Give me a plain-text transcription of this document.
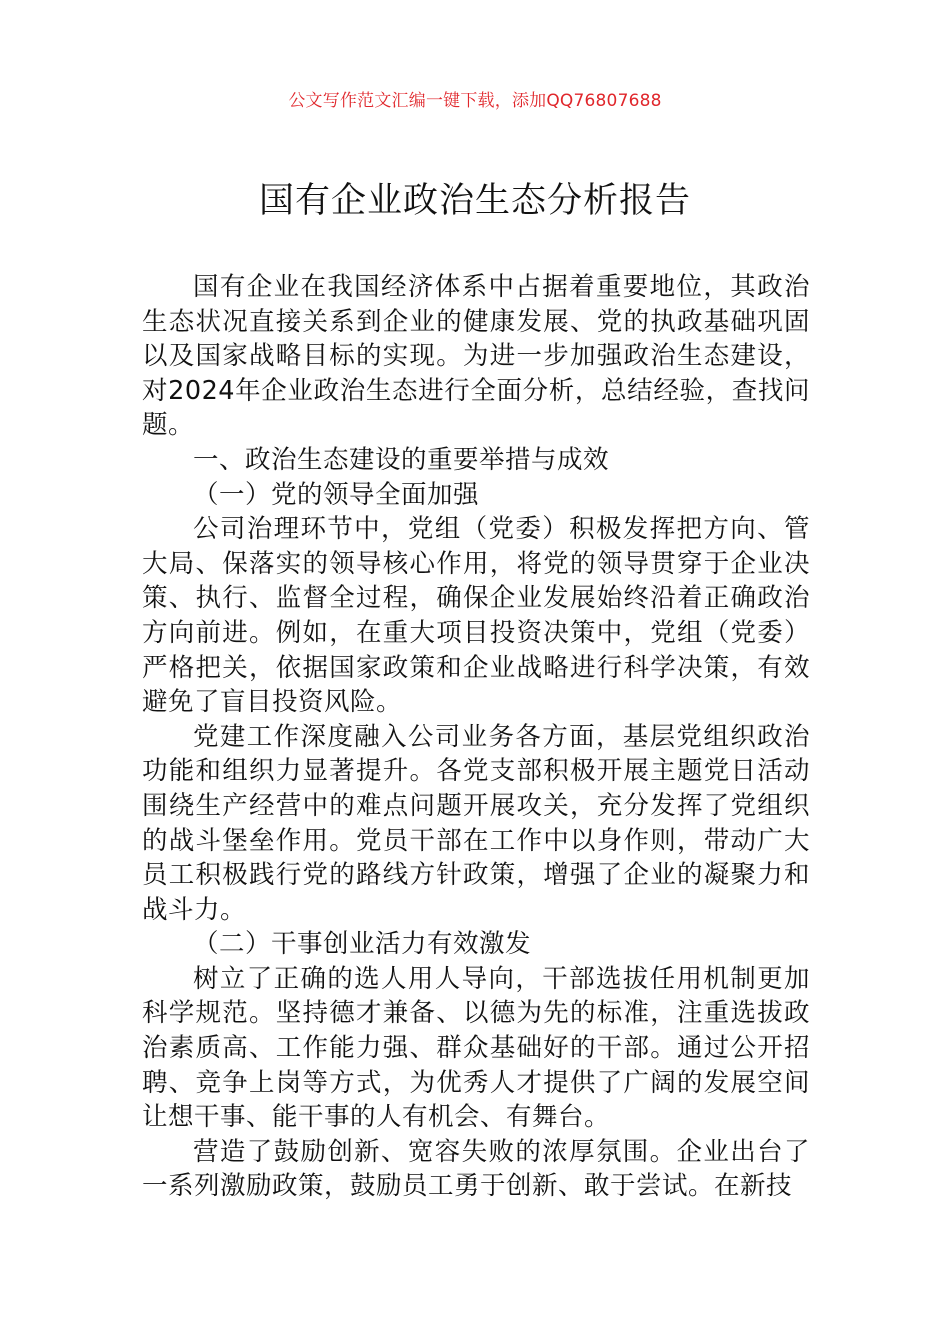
公文写作范文汇编一键下载，添加QQ76807688
国有企业政治生态分析报告

国有企业在我国经济体系中占据着重要地位，其政治生态状况直接关系到企业的健康发展、党的执政基础巩固以及国家战略目标的实现。为进一步加强政治生态建设，对2024年企业政治生态进行全面分析，总结经验，查找问题。

一、政治生态建设的重要举措与成效

（一）党的领导全面加强

公司治理环节中，党组（党委）积极发挥把方向、管大局、保落实的领导核心作用，将党的领导贯穿于企业决策、执行、监督全过程，确保企业发展始终沿着正确政治方向前进。例如，在重大项目投资决策中，党组（党委）严格把关，依据国家政策和企业战略进行科学决策，有效避免了盲目投资风险。

党建工作深度融入公司业务各方面，基层党组织政治功能和组织力显著提升。各党支部积极开展主题党日活动围绕生产经营中的难点问题开展攻关，充分发挥了党组织的战斗堡垒作用。党员干部在工作中以身作则，带动广大员工积极践行党的路线方针政策，增强了企业的凝聚力和战斗力。

（二）干事创业活力有效激发

树立了正确的选人用人导向，干部选拔任用机制更加科学规范。坚持德才兼备、以德为先的标准，注重选拔政治素质高、工作能力强、群众基础好的干部。通过公开招聘、竞争上岗等方式，为优秀人才提供了广阔的发展空间让想干事、能干事的人有机会、有舞台。

营造了鼓励创新、宽容失败的浓厚氛围。企业出台了一系列激励政策，鼓励员工勇于创新、敢于尝试。在新技
